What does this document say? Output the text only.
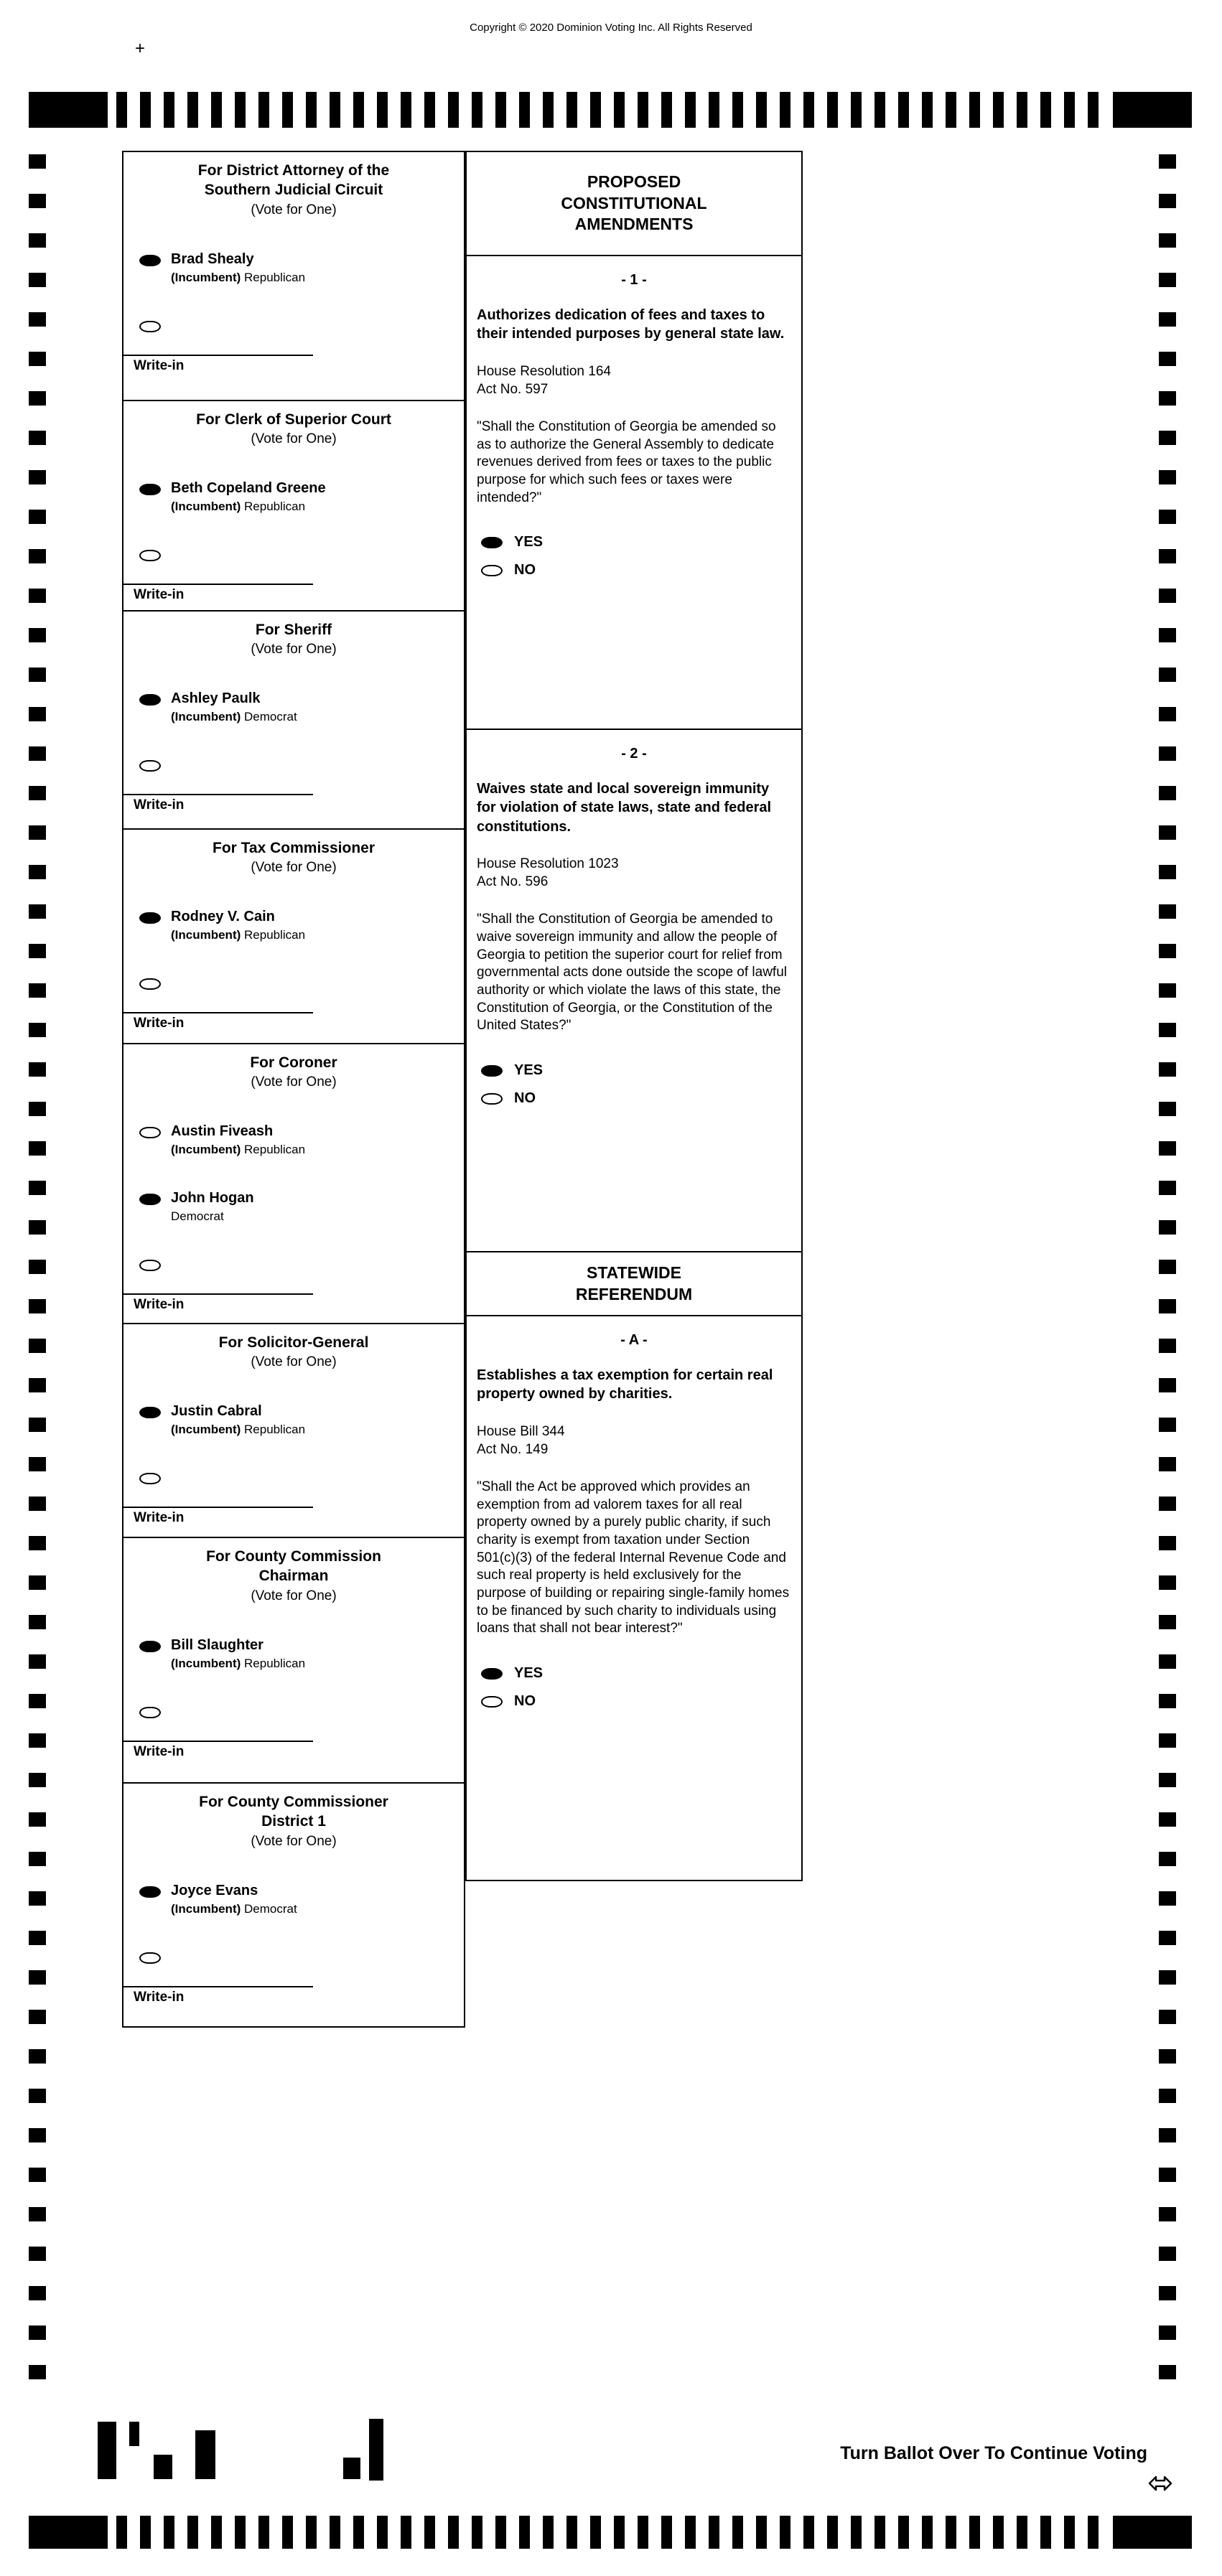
Copyright © 2020 Dominion Voting Inc. All Rights Reserved
+
For District Attorney of the Southern Judicial Circuit
(Vote for One)
Brad Shealy
(Incumbent) Republican
Write-in
For Clerk of Superior Court
(Vote for One)
Beth Copeland Greene
(Incumbent) Republican
Write-in
For Sheriff
(Vote for One)
Ashley Paulk
(Incumbent) Democrat
Write-in
For Tax Commissioner
(Vote for One)
Rodney V. Cain
(Incumbent) Republican
Write-in
For Coroner
(Vote for One)
Austin Fiveash
(Incumbent) Republican
John Hogan
Democrat
Write-in
For Solicitor-General
(Vote for One)
Justin Cabral
(Incumbent) Republican
Write-in
For County Commission Chairman
(Vote for One)
Bill Slaughter
(Incumbent) Republican
Write-in
For County Commissioner District 1
(Vote for One)
Joyce Evans
(Incumbent) Democrat
Write-in
PROPOSED CONSTITUTIONAL AMENDMENTS
- 1 -
Authorizes dedication of fees and taxes to their intended purposes by general state law.
House Resolution 164
Act No. 597
"Shall the Constitution of Georgia be amended so as to authorize the General Assembly to dedicate revenues derived from fees or taxes to the public purpose for which such fees or taxes were intended?"
YES
NO
- 2 -
Waives state and local sovereign immunity for violation of state laws, state and federal constitutions.
House Resolution 1023
Act No. 596
"Shall the Constitution of Georgia be amended to waive sovereign immunity and allow the people of Georgia to petition the superior court for relief from governmental acts done outside the scope of lawful authority or which violate the laws of this state, the Constitution of Georgia, or the Constitution of the United States?"
YES
NO
STATEWIDE REFERENDUM
- A -
Establishes a tax exemption for certain real property owned by charities.
House Bill 344
Act No. 149
"Shall the Act be approved which provides an exemption from ad valorem taxes for all real property owned by a purely public charity, if such charity is exempt from taxation under Section 501(c)(3) of the federal Internal Revenue Code and such real property is held exclusively for the purpose of building or repairing single-family homes to be financed by such charity to individuals using loans that shall not bear interest?"
YES
NO
Turn Ballot Over To Continue Voting
